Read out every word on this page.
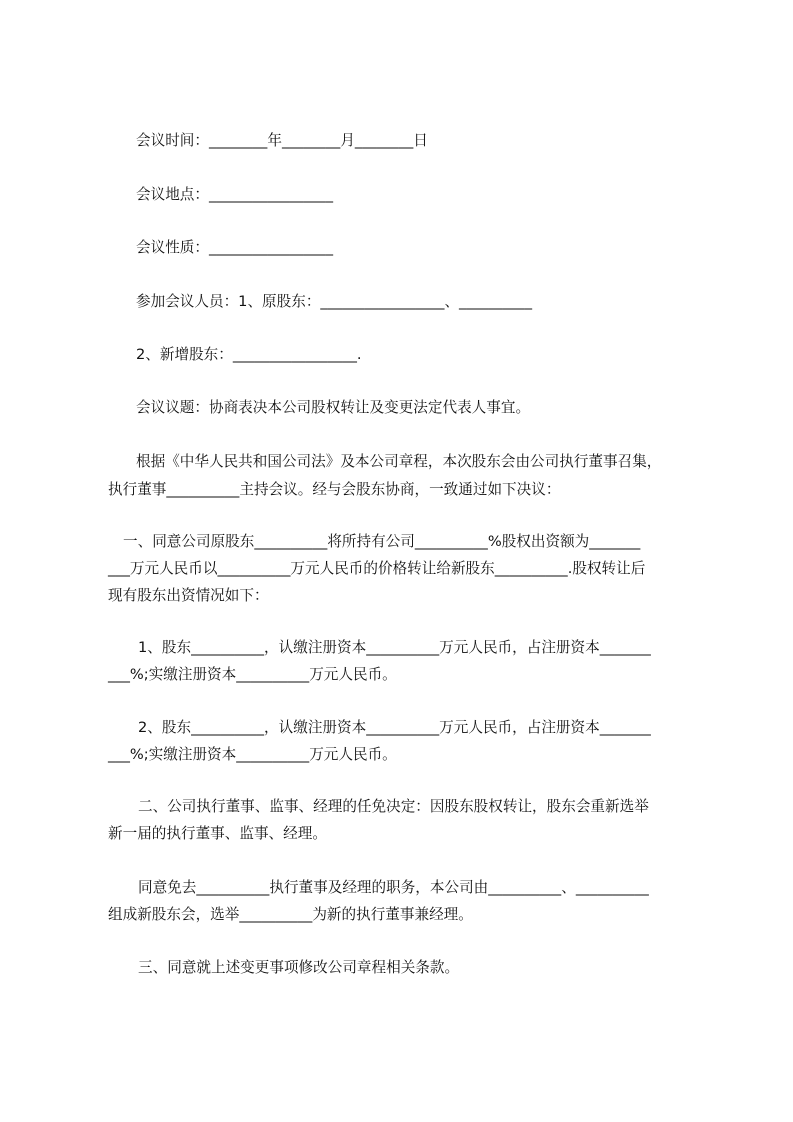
会议时间：________年________月________日
会议地点：_________________
会议性质：_________________
参加会议人员：1、原股东：_________________、__________
2、新增股东：_________________.
会议议题：协商表决本公司股权转让及变更法定代表人事宜。
根据《中华人民共和国公司法》及本公司章程，本次股东会由公司执行董事召集，
执行董事__________主持会议。经与会股东协商，一致通过如下决议：
一、同意公司原股东__________将所持有公司__________%股权出资额为_______
___万元人民币以__________万元人民币的价格转让给新股东__________.股权转让后
现有股东出资情况如下：
1、股东__________，认缴注册资本__________万元人民币，占注册资本_______
___%;实缴注册资本__________万元人民币。
2、股东__________，认缴注册资本__________万元人民币，占注册资本_______
___%;实缴注册资本__________万元人民币。
二、公司执行董事、监事、经理的任免决定：因股东股权转让，股东会重新选举
新一届的执行董事、监事、经理。
同意免去__________执行董事及经理的职务，本公司由__________、__________
组成新股东会，选举__________为新的执行董事兼经理。
三、同意就上述变更事项修改公司章程相关条款。
